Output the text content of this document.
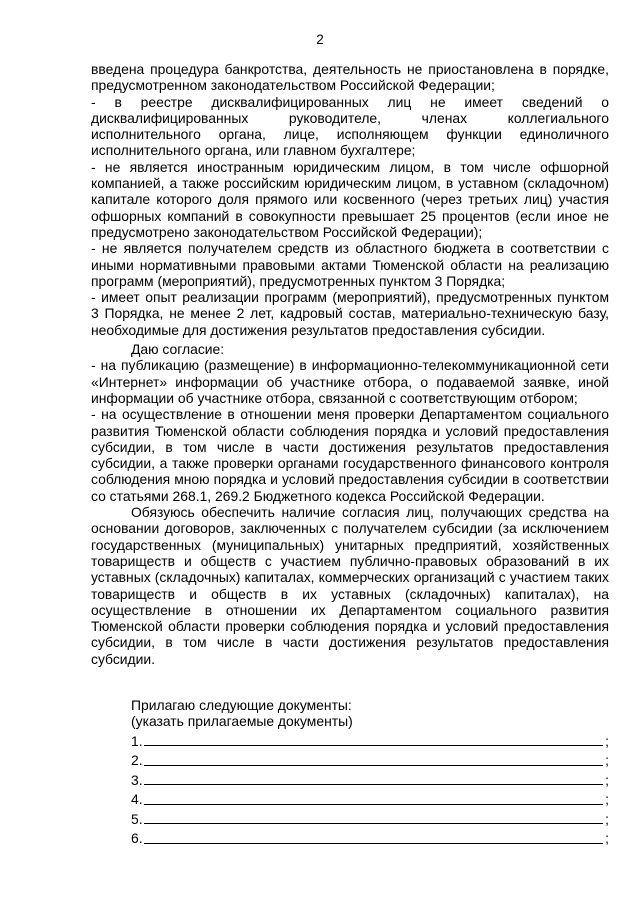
2

введена процедура банкротства, деятельность не приостановлена в порядке, предусмотренном законодательством Российской Федерации;

- в реестре дисквалифицированных лиц не имеет сведений о дисквалифицированных руководителе, членах коллегиального исполнительного органа, лице, исполняющем функции единоличного исполнительного органа, или главном бухгалтере;

- не является иностранным юридическим лицом, в том числе офшорной компанией, а также российским юридическим лицом, в уставном (складочном) капитале которого доля прямого или косвенного (через третьих лиц) участия офшорных компаний в совокупности превышает 25 процентов (если иное не предусмотрено законодательством Российской Федерации);

- не является получателем средств из областного бюджета в соответствии с иными нормативными правовыми актами Тюменской области на реализацию программ (мероприятий), предусмотренных пунктом 3 Порядка;

- имеет опыт реализации программ (мероприятий), предусмотренных пунктом 3 Порядка, не менее 2 лет, кадровый состав, материально-техническую базу, необходимые для достижения результатов предоставления субсидии.

Даю согласие:

- на публикацию (размещение) в информационно-телекоммуникационной сети «Интернет» информации об участнике отбора, о подаваемой заявке, иной информации об участнике отбора, связанной с соответствующим отбором;

- на осуществление в отношении меня проверки Департаментом социального развития Тюменской области соблюдения порядка и условий предоставления субсидии, в том числе в части достижения результатов предоставления субсидии, а также проверки органами государственного финансового контроля соблюдения мною порядка и условий предоставления субсидии в соответствии со статьями 268.1, 269.2 Бюджетного кодекса Российской Федерации.

Обязуюсь обеспечить наличие согласия лиц, получающих средства на основании договоров, заключенных с получателем субсидии (за исключением государственных (муниципальных) унитарных предприятий, хозяйственных товариществ и обществ с участием публично-правовых образований в их уставных (складочных) капиталах, коммерческих организаций с участием таких товариществ и обществ в их уставных (складочных) капиталах), на осуществление в отношении их Департаментом социального развития Тюменской области проверки соблюдения порядка и условий предоставления субсидии, в том числе в части достижения результатов предоставления субсидии.

Прилагаю следующие документы:

(указать прилагаемые документы)

1.	;
2.	;
3.	;
4.	;
5.	;
6.	;
